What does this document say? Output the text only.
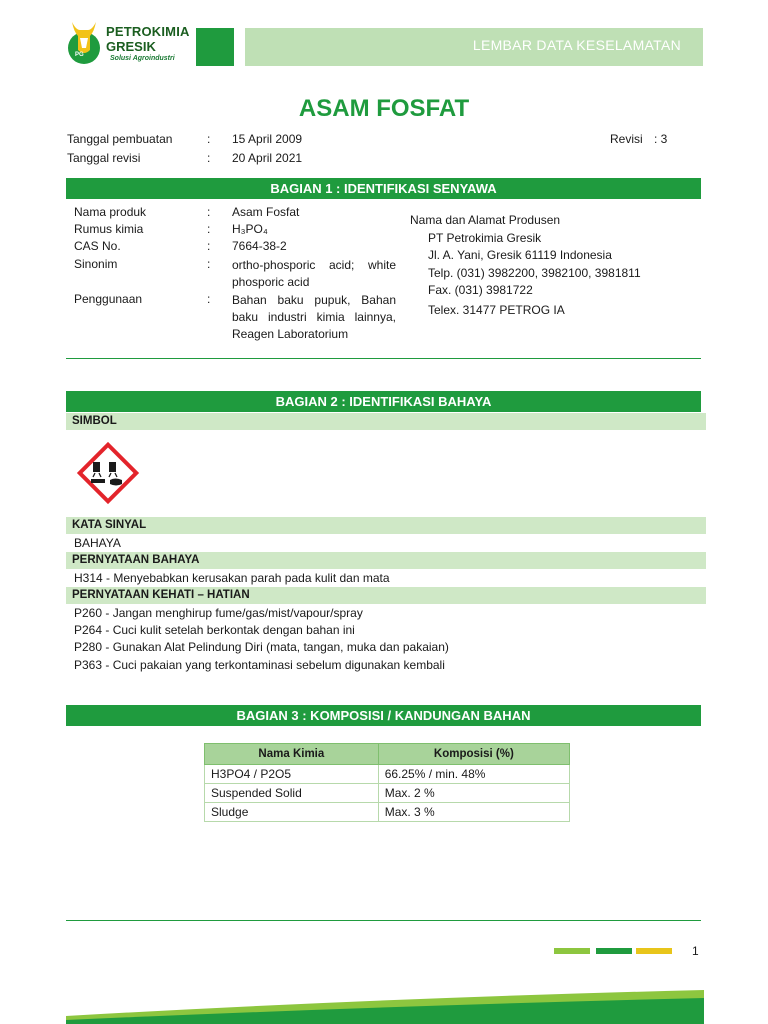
PG
PETROKIMIA
GRESIK
Solusi Agroindustri
LEMBAR DATA KESELAMATAN
ASAM FOSFAT
Tanggal pembuatan	: 15 April 2009	Revisi : 3
Tanggal revisi	: 20 April 2021
BAGIAN 1 : IDENTIFIKASI SENYAWA
Nama produk	: Asam Fosfat
Rumus kimia	: H₃PO₄
CAS No.	: 7664-38-2
Sinonim	: ortho-phosporic acid; white phosporic acid
Penggunaan	: Bahan baku pupuk, Bahan baku industri kimia lainnya, Reagen Laboratorium
Nama dan Alamat Produsen
PT Petrokimia Gresik
Jl. A. Yani, Gresik 61119 Indonesia
Telp. (031) 3982200, 3982100, 3981811
Fax. (031) 3981722
Telex. 31477 PETROG IA
BAGIAN 2 : IDENTIFIKASI BAHAYA
SIMBOL
KATA SINYAL
BAHAYA
PERNYATAAN BAHAYA
H314 - Menyebabkan kerusakan parah pada kulit dan mata
PERNYATAAN KEHATI – HATIAN
P260 - Jangan menghirup fume/gas/mist/vapour/spray
P264 - Cuci kulit setelah berkontak dengan bahan ini
P280 - Gunakan Alat Pelindung Diri (mata, tangan, muka dan pakaian)
P363 - Cuci pakaian yang terkontaminasi sebelum digunakan kembali
BAGIAN 3 : KOMPOSISI / KANDUNGAN BAHAN
Nama Kimia	Komposisi (%)
H3PO4 / P2O5	66.25% / min. 48%
Suspended Solid	Max. 2 %
Sludge	Max. 3 %
1
